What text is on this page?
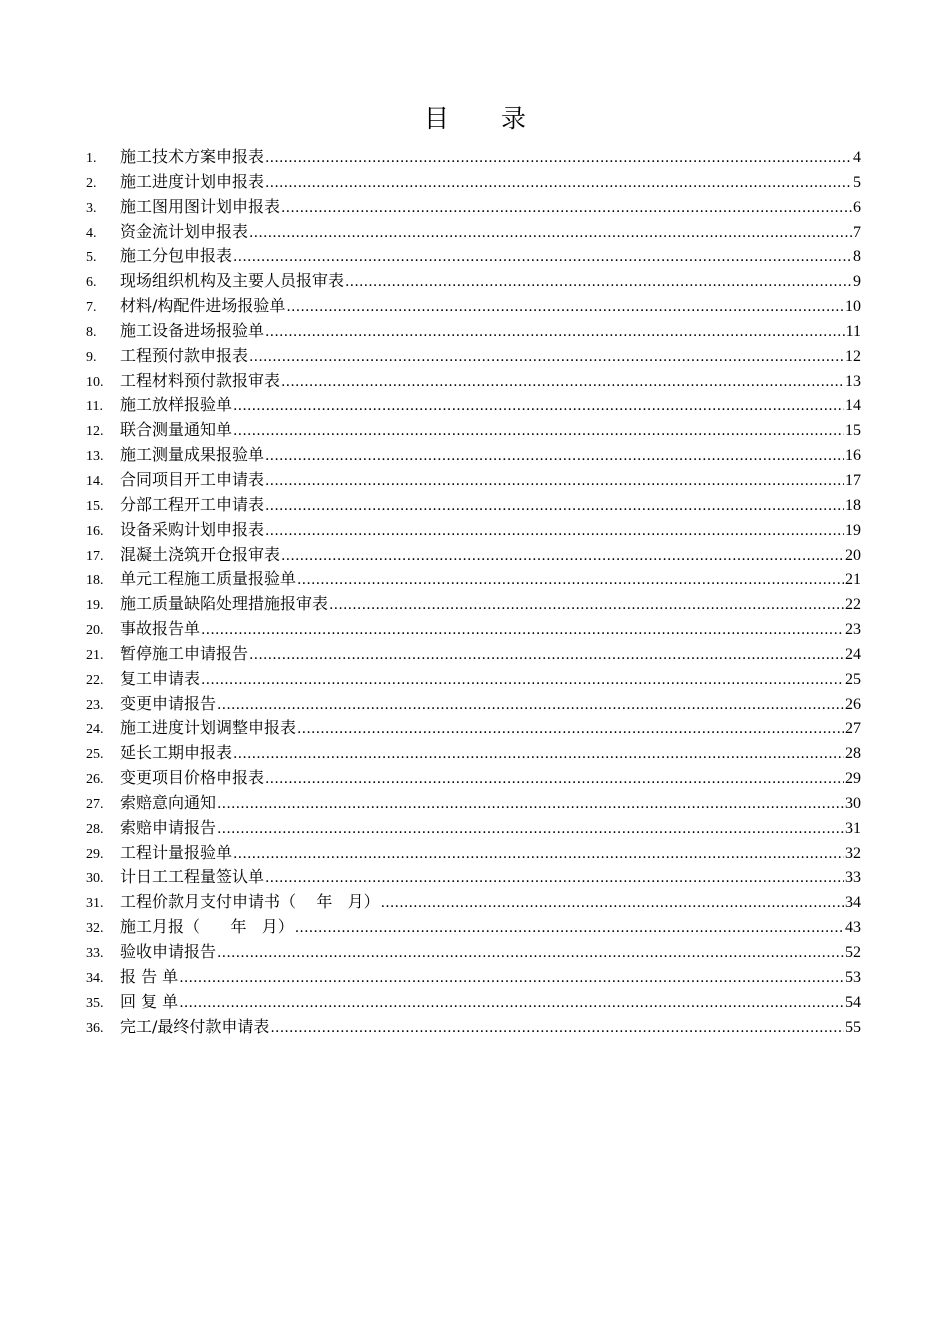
目 录
1.	施工技术方案申报表 .....	4
2.	施工进度计划申报表 .....	5
3.	施工图用图计划申报表 .....	6
4.	资金流计划申报表 .....	7
5.	施工分包申报表 .....	8
6.	现场组织机构及主要人员报审表 .....	9
7.	材料/构配件进场报验单 .....	10
8.	施工设备进场报验单 .....	11
9.	工程预付款申报表 .....	12
10.	工程材料预付款报审表 .....	13
11.	施工放样报验单 .....	14
12.	联合测量通知单 .....	15
13.	施工测量成果报验单 .....	16
14.	合同项目开工申请表 .....	17
15.	分部工程开工申请表 .....	18
16.	设备采购计划申报表 .....	19
17.	混凝土浇筑开仓报审表 .....	20
18.	单元工程施工质量报验单 .....	21
19.	施工质量缺陷处理措施报审表 .....	22
20.	事故报告单 .....	23
21.	暂停施工申请报告 .....	24
22.	复工申请表 .....	25
23.	变更申请报告 .....	26
24.	施工进度计划调整申报表 .....	27
25.	延长工期申报表 .....	28
26.	变更项目价格申报表 .....	29
27.	索赔意向通知 .....	30
28.	索赔申请报告 .....	31
29.	工程计量报验单 .....	32
30.	计日工工程量签认单 .....	33
31.	工程价款月支付申请书（    年   月） .....	34
32.	施工月报（      年   月） .....	43
33.	验收申请报告 .....	52
34.	报 告 单 .....	53
35.	回 复 单 .....	54
36.	完工/最终付款申请表 .....	55
